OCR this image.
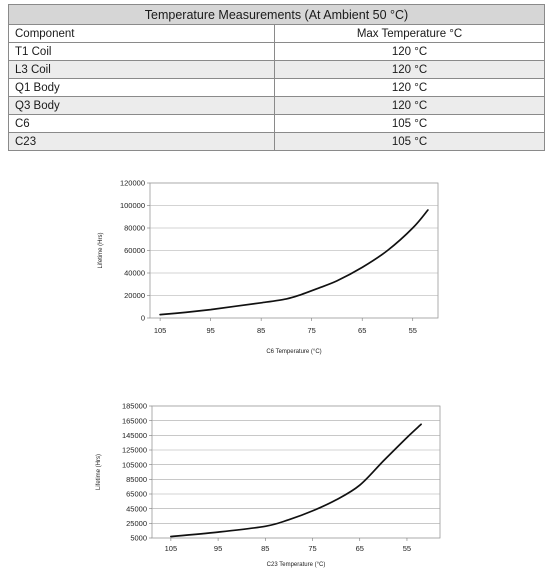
Temperature Measurements (At Ambient 50 °C)	
Component	Max Temperature °C
T1 Coil	120 °C
L3 Coil	120 °C
Q1 Body	120 °C
Q3 Body	120 °C
C6	105 °C
C23	105 °C
0
20000
40000
60000
80000
100000
120000
105	95	85	75	65	55
C6 Temperature (°C)
Lifetime (Hrs)
5000
25000
45000
65000
85000
105000
125000
145000
165000
185000
105	95	85	75	65	55
C23 Temperature (°C)
Lifetime (Hrs)
